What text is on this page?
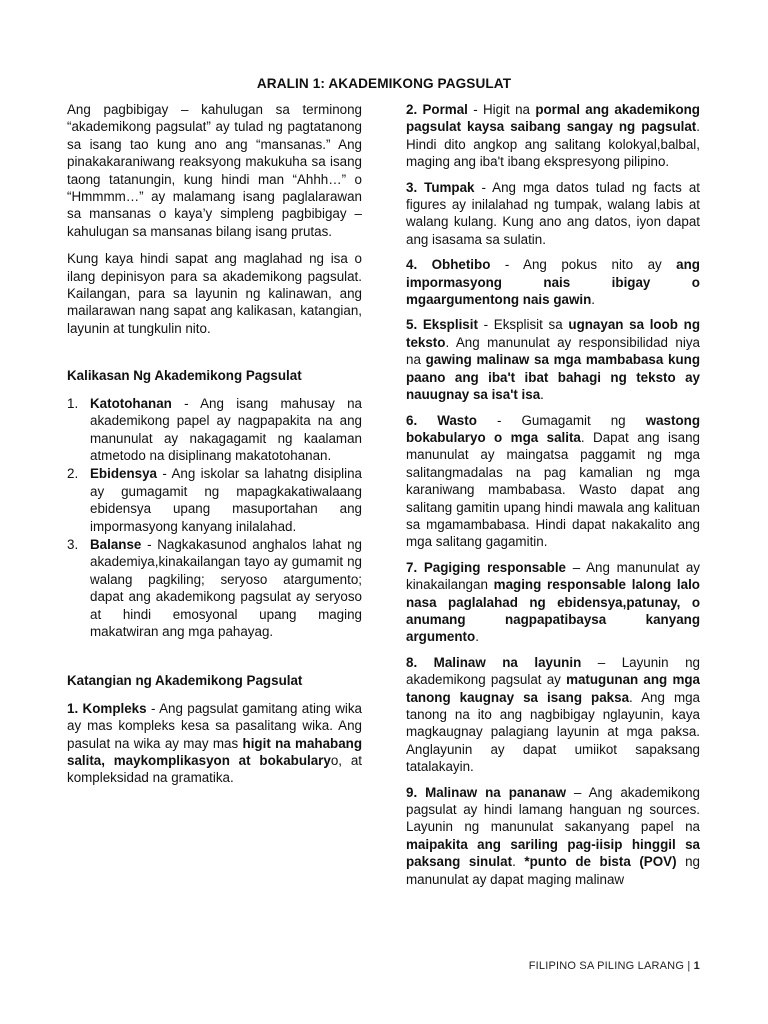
ARALIN 1: AKADEMIKONG PAGSULAT

Ang pagbibigay – kahulugan sa terminong “akademikong pagsulat” ay tulad ng pagtatanong sa isang tao kung ano ang “mansanas.” Ang pinakakaraniwang reaksyong makukuha sa isang taong tatanungin, kung hindi man “Ahhh…” o “Hmmmm…” ay malamang isang paglalarawan sa mansanas o kaya’y simpleng pagbibigay – kahulugan sa mansanas bilang isang prutas.

Kung kaya hindi sapat ang maglahad ng isa o ilang depinisyon para sa akademikong pagsulat. Kailangan, para sa layunin ng kalinawan, ang mailarawan nang sapat ang kalikasan, katangian, layunin at tungkulin nito.

Kalikasan Ng Akademikong Pagsulat
1. Katotohanan - Ang isang mahusay na akademikong papel ay nagpapakita na ang manunulat ay nakagagamit ng kaalaman atmetodo na disiplinang makatotohanan.
2. Ebidensya - Ang iskolar sa lahatng disiplina ay gumagamit ng mapagkakatiwalaang ebidensya upang masuportahan ang impormasyong kanyang inilalahad.
3. Balanse - Nagkakasunod anghalos lahat ng akademiya,kinakailangan tayo ay gumamit ng walang pagkiling; seryoso atargumento; dapat ang akademikong pagsulat ay seryoso at hindi emosyonal upang maging makatwiran ang mga pahayag.
Katangian ng Akademikong Pagsulat

1. Kompleks - Ang pagsulat gamitang ating wika ay mas kompleks kesa sa pasalitang wika. Ang pasulat na wika ay may mas higit na mahabang salita, maykomplikasyon at bokabularyo, at kompleksidad na gramatika.

2. Pormal - Higit na pormal ang akademikong pagsulat kaysa saibang sangay ng pagsulat. Hindi dito angkop ang salitang kolokyal,balbal, maging ang iba't ibang ekspresyong pilipino.

3. Tumpak - Ang mga datos tulad ng facts at figures ay inilalahad ng tumpak, walang labis at walang kulang. Kung ano ang datos, iyon dapat ang isasama sa sulatin.

4. Obhetibo - Ang pokus nito ay ang impormasyong nais ibigay o mgaargumentong nais gawin.

5. Eksplisit - Eksplisit sa ugnayan sa loob ng teksto. Ang manunulat ay responsibilidad niya na gawing malinaw sa mga mambabasa kung paano ang iba't ibat bahagi ng teksto ay nauugnay sa isa't isa.

6. Wasto - Gumagamit ng wastong bokabularyo o mga salita. Dapat ang isang manunulat ay maingatsa paggamit ng mga salitangmadalas na pag kamalian ng mga karaniwang mambabasa. Wasto dapat ang salitang gamitin upang hindi mawala ang kalituan sa mgamambabasa. Hindi dapat nakakalito ang mga salitang gagamitin.

7. Pagiging responsable – Ang manunulat ay kinakailangan maging responsable lalong lalo nasa paglalahad ng ebidensya,patunay, o anumang nagpapatibaysa kanyang argumento.

8. Malinaw na layunin – Layunin ng akademikong pagsulat ay matugunan ang mga tanong kaugnay sa isang paksa. Ang mga tanong na ito ang nagbibigay nglayunin, kaya magkaugnay palagiang layunin at mga paksa. Anglayunin ay dapat umiikot sapaksang tatalakayin.

9. Malinaw na pananaw – Ang akademikong pagsulat ay hindi lamang hanguan ng sources. Layunin ng manunulat sakanyang papel na maipakita ang sariling pag-iisip hinggil sa paksang sinulat. *punto de bista (POV) ng manunulat ay dapat maging malinaw

FILIPINO SA PILING LARANG | 1
